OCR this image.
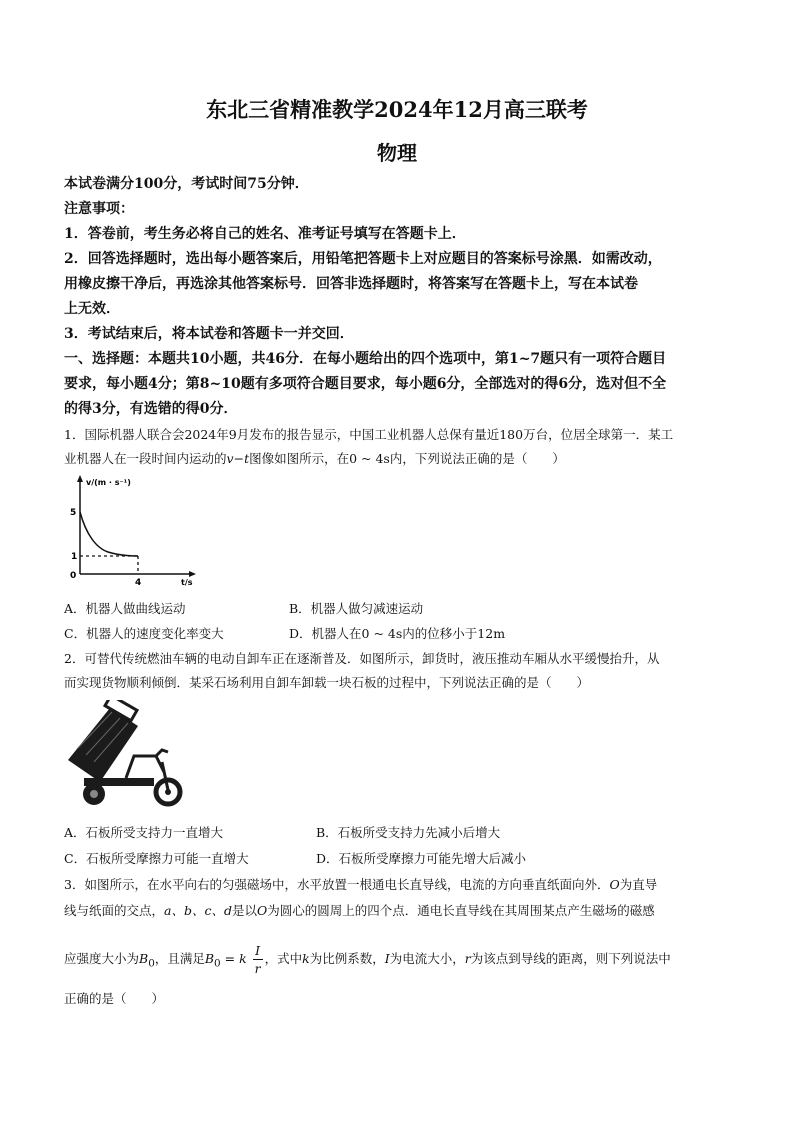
东北三省精准教学2024年12月高三联考
物理
本试卷满分100分，考试时间75分钟．
注意事项：
1．答卷前，考生务必将自己的姓名、准考证号填写在答题卡上．
2．回答选择题时，选出每小题答案后，用铅笔把答题卡上对应题目的答案标号涂黑．如需改动，
用橡皮擦干净后，再选涂其他答案标号．回答非选择题时，将答案写在答题卡上，写在本试卷
上无效．
3．考试结束后，将本试卷和答题卡一并交回．
一、选择题：本题共10小题，共46分．在每小题给出的四个选项中，第1~7题只有一项符合题目
要求，每小题4分；第8~10题有多项符合题目要求，每小题6分，全部选对的得6分，选对但不全
的得3分，有选错的得0分．
1．国际机器人联合会2024年9月发布的报告显示，中国工业机器人总保有量近180万台，位居全球第一．某工
业机器人在一段时间内运动的v−t图像如图所示，在0 ~ 4s内，下列说法正确的是（　　）
v/(m · s⁻¹)
5
1
0
4	t/s
A．机器人做曲线运动	B．机器人做匀减速运动
C．机器人的速度变化率变大	D．机器人在0 ~ 4s内的位移小于12m
2．可替代传统燃油车辆的电动自卸车正在逐渐普及．如图所示，卸货时，液压推动车厢从水平缓慢抬升，从
而实现货物顺利倾倒．某采石场利用自卸车卸载一块石板的过程中，下列说法正确的是（　　）
A．石板所受支持力一直增大	B．石板所受支持力先减小后增大
C．石板所受摩擦力可能一直增大	D．石板所受摩擦力可能先增大后减小
3．如图所示，在水平向右的匀强磁场中，水平放置一根通电长直导线，电流的方向垂直纸面向外．O为直导
线与纸面的交点，a、b、c、d是以O为圆心的圆周上的四个点．通电长直导线在其周围某点产生磁场的磁感
应强度大小为$B_0$，且满足$B_0 = k \frac{I}{r}$ ，式中k为比例系数，I为电流大小，r为该点到导线的距离，则下列说法中
正确的是（　　）
